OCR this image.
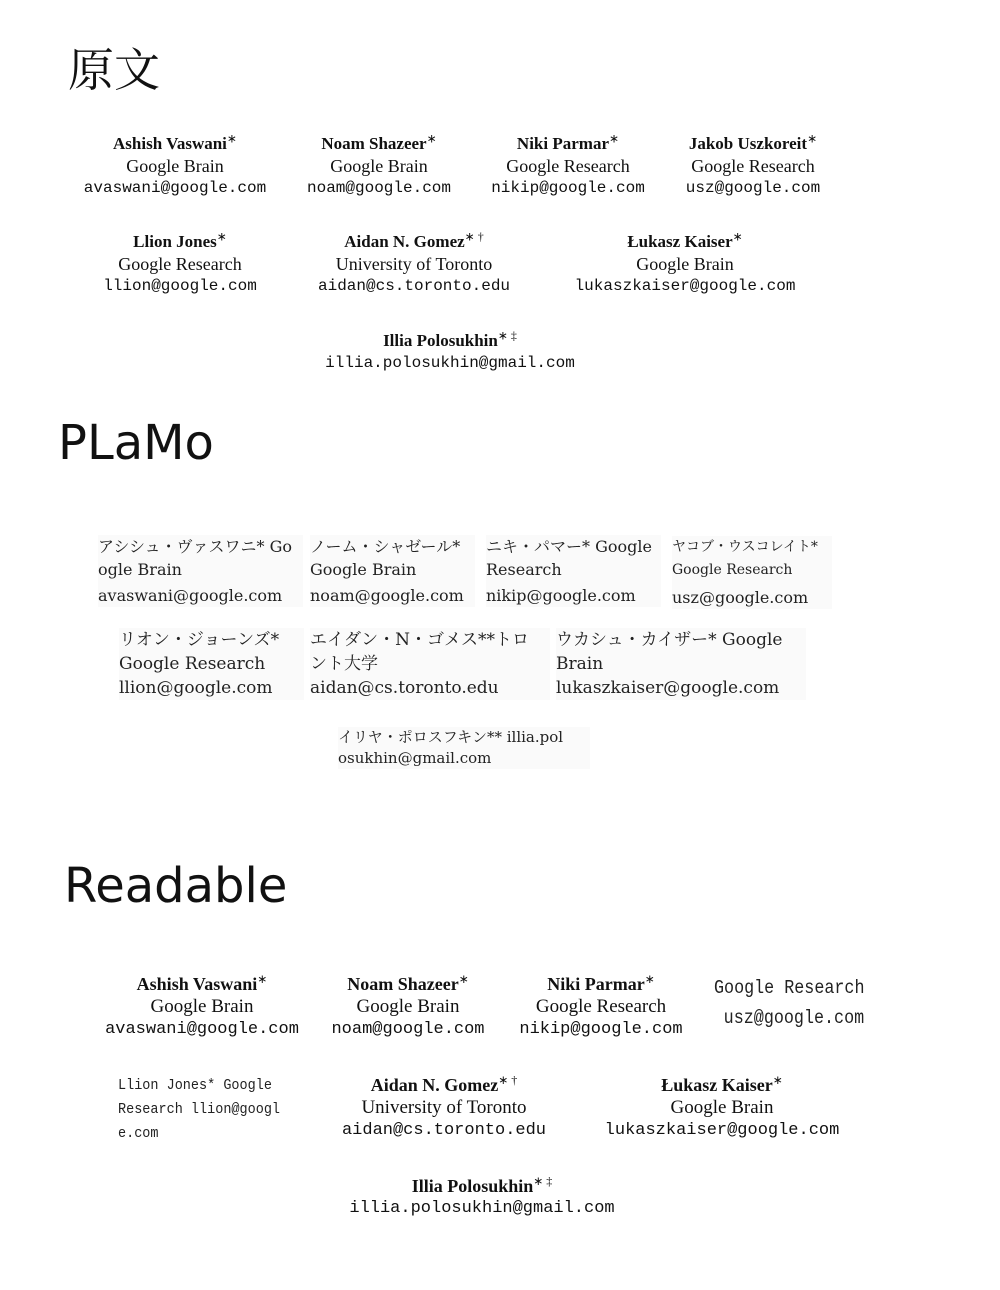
原文
Ashish Vaswani∗
Google Brain
avaswani@google.com
Noam Shazeer∗
Google Brain
noam@google.com
Niki Parmar∗
Google Research
nikip@google.com
Jakob Uszkoreit∗
Google Research
usz@google.com
Llion Jones∗
Google Research
llion@google.com
Aidan N. Gomez∗ †
University of Toronto
aidan@cs.toronto.edu
Łukasz Kaiser∗
Google Brain
lukaszkaiser@google.com
Illia Polosukhin∗ ‡
illia.polosukhin@gmail.com
PLaMo
アシシュ・ヴァスワニ* Go
ogle Brain
avaswani@google.com
ノーム・シャゼール*
Google Brain
noam@google.com
ニキ・パマー* Google
Research
nikip@google.com
ヤコブ・ウスコレイト*
Google Research
usz@google.com
リオン・ジョーンズ*
Google Research
llion@google.com
エイダン・N・ゴメス**トロ
ント大学
aidan@cs.toronto.edu
ウカシュ・カイザー* Google
Brain
lukaszkaiser@google.com
イリヤ・ポロスフキン** illia.pol
osukhin@gmail.com
Readable
Ashish Vaswani∗
Google Brain
avaswani@google.com
Noam Shazeer∗
Google Brain
noam@google.com
Niki Parmar∗
Google Research
nikip@google.com
Google Research
usz@google.com
Llion Jones* Google
Research llion@googl
e.com
Aidan N. Gomez∗ †
University of Toronto
aidan@cs.toronto.edu
Łukasz Kaiser∗
Google Brain
lukaszkaiser@google.com
Illia Polosukhin∗ ‡
illia.polosukhin@gmail.com
